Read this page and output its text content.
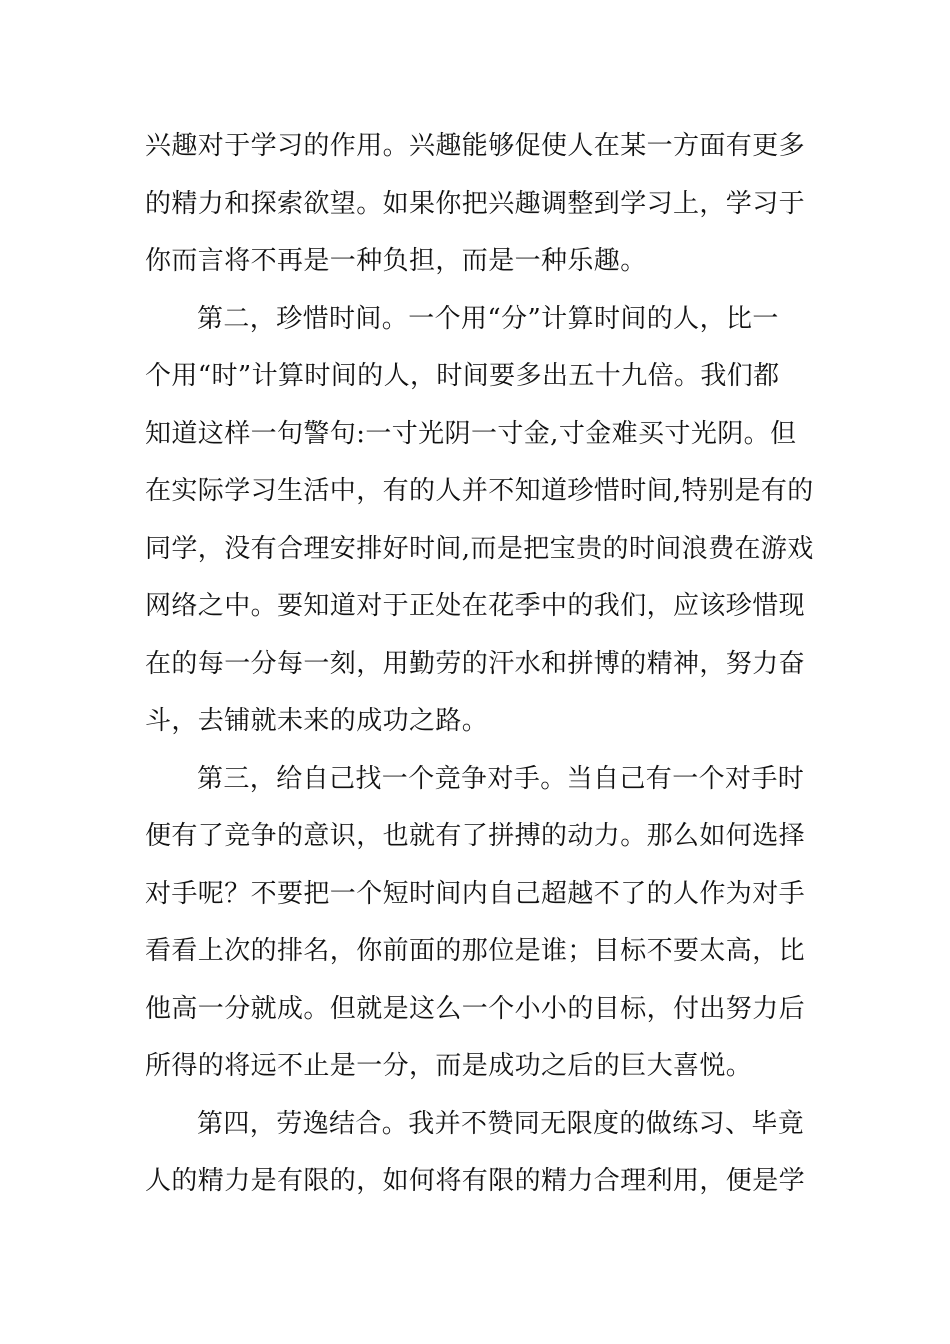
兴趣对于学习的作用。兴趣能够促使人在某一方面有更多
的精力和探索欲望。如果你把兴趣调整到学习上，学习于
你而言将不再是一种负担，而是一种乐趣。
第二，珍惜时间。一个用“分”计算时间的人，比一
个用“时”计算时间的人，时间要多出五十九倍。我们都
知道这样一句警句:一寸光阴一寸金,寸金难买寸光阴。但
在实际学习生活中，有的人并不知道珍惜时间,特别是有的
同学，没有合理安排好时间,而是把宝贵的时间浪费在游戏
网络之中。要知道对于正处在花季中的我们，应该珍惜现
在的每一分每一刻，用勤劳的汗水和拼博的精神，努力奋
斗，去铺就未来的成功之路。
第三，给自己找一个竞争对手。当自己有一个对手时
便有了竞争的意识，也就有了拼搏的动力。那么如何选择
对手呢？不要把一个短时间内自己超越不了的人作为对手
看看上次的排名，你前面的那位是谁；目标不要太高，比
他高一分就成。但就是这么一个小小的目标，付出努力后
所得的将远不止是一分，而是成功之后的巨大喜悦。
第四，劳逸结合。我并不赞同无限度的做练习、毕竟
人的精力是有限的，如何将有限的精力合理利用，便是学
